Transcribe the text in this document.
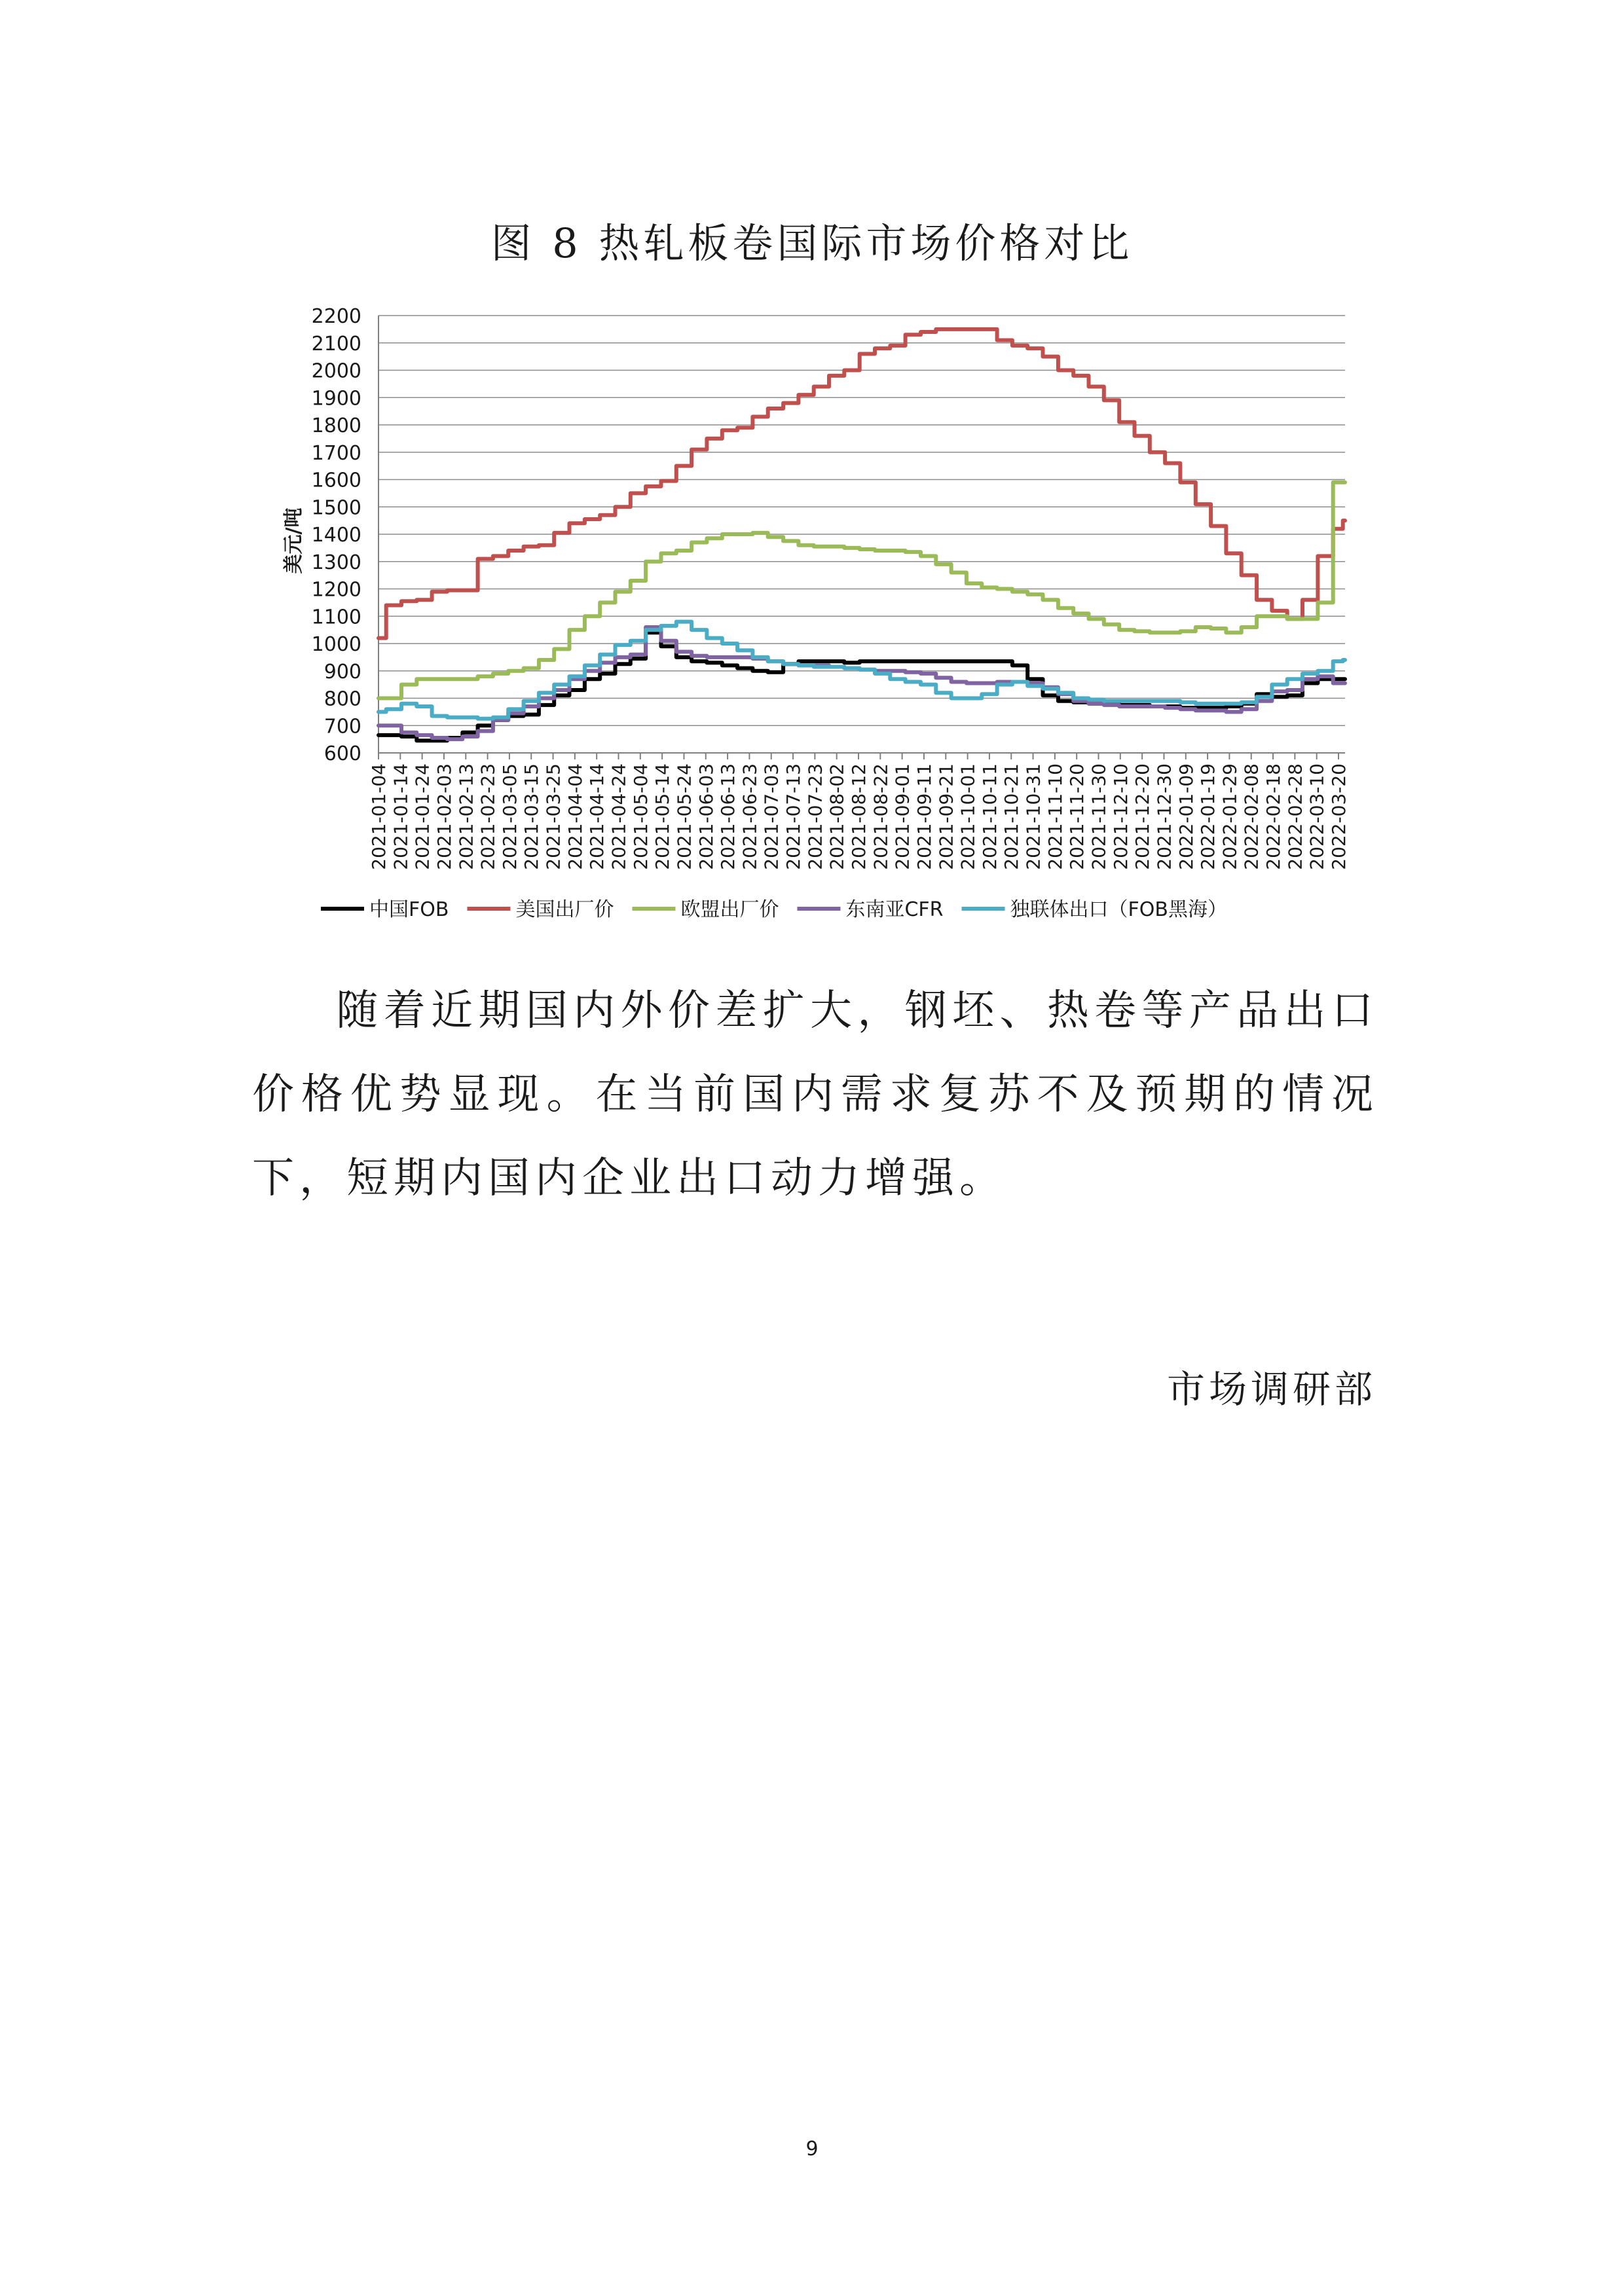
图 8 热轧板卷国际市场价格对比
600
700
800
900
1000
1100
1200
1300
1400
1500
1600
1700
1800
1900
2000
2100
2200
美元/吨
2021-01-04 2021-01-14 2021-01-24 2021-02-03 2021-02-13 2021-02-23 2021-03-05 2021-03-15 2021-03-25 2021-04-04 2021-04-14 2021-04-24 2021-05-04 2021-05-14 2021-05-24 2021-06-03 2021-06-13 2021-06-23 2021-07-03 2021-07-13 2021-07-23 2021-08-02 2021-08-12 2021-08-22 2021-09-01 2021-09-11 2021-09-21 2021-10-01 2021-10-11 2021-10-21 2021-10-31 2021-11-10 2021-11-20 2021-11-30 2021-12-10 2021-12-20 2021-12-30 2022-01-09 2022-01-19 2022-01-29 2022-02-08 2022-02-18 2022-02-28 2022-03-10 2022-03-20
中国FOB	美国出厂价	欧盟出厂价	东南亚CFR	独联体出口（FOB黑海）
随着近期国内外价差扩大，钢坯、热卷等产品出口价格优势显现。在当前国内需求复苏不及预期的情况下，短期内国内企业出口动力增强。
市场调研部
9
